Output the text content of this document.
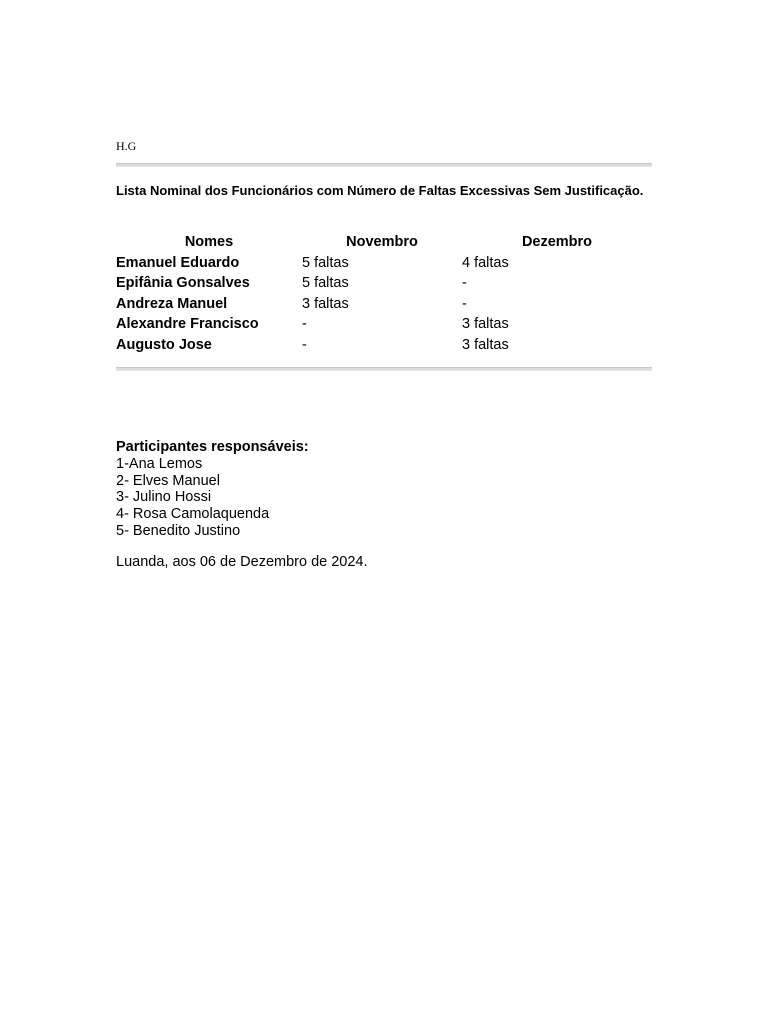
H.G
Lista Nominal dos Funcionários com Número de Faltas Excessivas Sem Justificação.
Nomes	Novembro	Dezembro
Emanuel Eduardo	5 faltas	4 faltas
Epifânia Gonsalves	5 faltas	-
Andreza Manuel	3 faltas	-
Alexandre Francisco	-	3 faltas
Augusto Jose	-	3 faltas
Participantes responsáveis:
1-Ana Lemos
2- Elves Manuel
3- Julino Hossi
4- Rosa Camolaquenda
5- Benedito Justino
Luanda, aos 06 de Dezembro de 2024.
